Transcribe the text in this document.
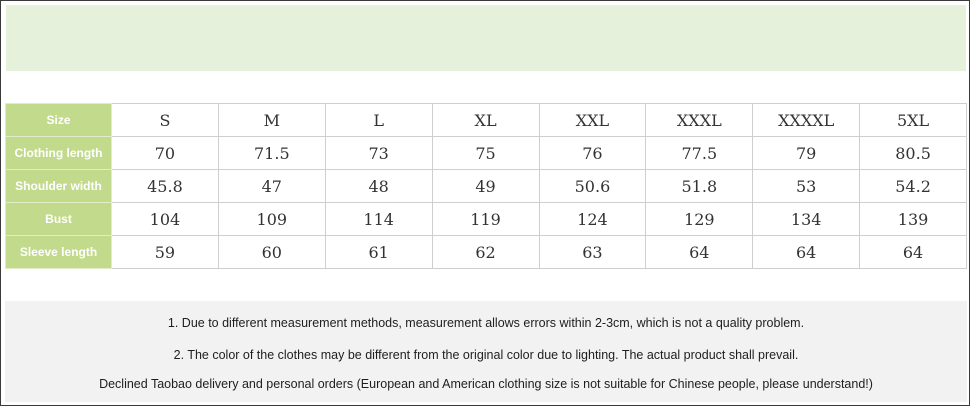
Size	S	M	L	XL	XXL	XXXL	XXXXL	5XL
Clothing length	70	71.5	73	75	76	77.5	79	80.5
Shoulder width	45.8	47	48	49	50.6	51.8	53	54.2
Bust	104	109	114	119	124	129	134	139
Sleeve length	59	60	61	62	63	64	64	64
1. Due to different measurement methods, measurement allows errors within 2-3cm, which is not a quality problem.
2. The color of the clothes may be different from the original color due to lighting. The actual product shall prevail.
Declined Taobao delivery and personal orders (European and American clothing size is not suitable for Chinese people, please understand!)
